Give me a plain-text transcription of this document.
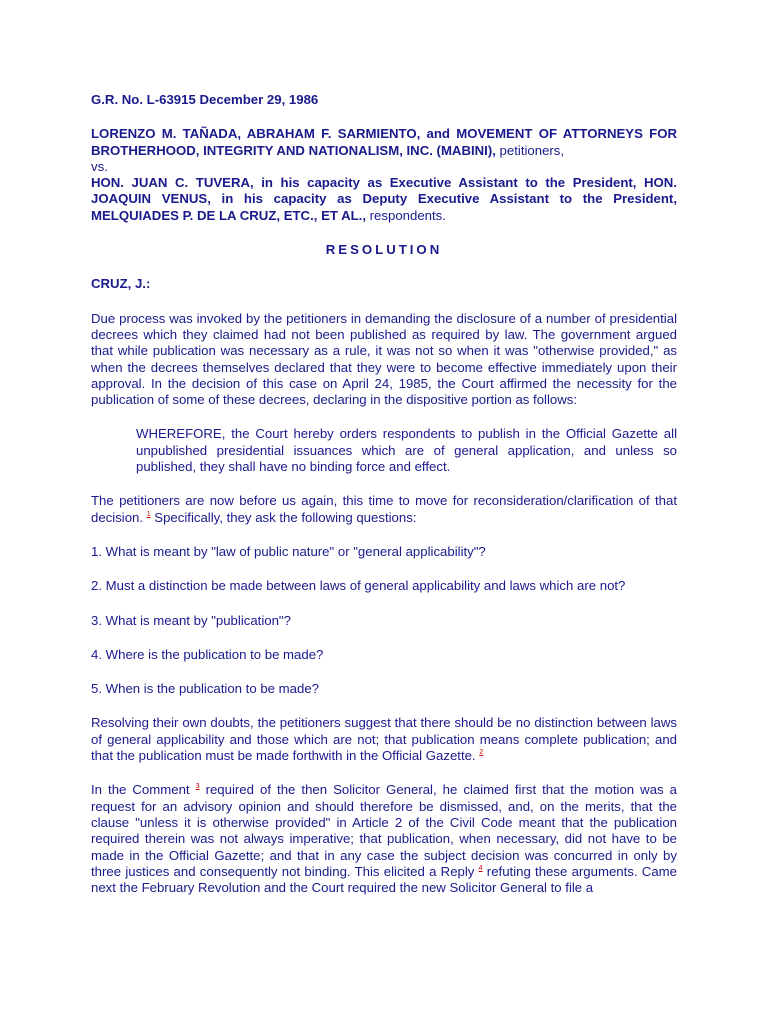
G.R. No. L-63915 December 29, 1986
LORENZO M. TAÑADA, ABRAHAM F. SARMIENTO, and MOVEMENT OF ATTORNEYS FOR BROTHERHOOD, INTEGRITY AND NATIONALISM, INC. (MABINI), petitioners,
vs.
HON. JUAN C. TUVERA, in his capacity as Executive Assistant to the President, HON. JOAQUIN VENUS, in his capacity as Deputy Executive Assistant to the President, MELQUIADES P. DE LA CRUZ, ETC., ET AL., respondents.
RESOLUTION
CRUZ, J.:

Due process was invoked by the petitioners in demanding the disclosure of a number of presidential decrees which they claimed had not been published as required by law. The government argued that while publication was necessary as a rule, it was not so when it was "otherwise provided," as when the decrees themselves declared that they were to become effective immediately upon their approval. In the decision of this case on April 24, 1985, the Court affirmed the necessity for the publication of some of these decrees, declaring in the dispositive portion as follows:

WHEREFORE, the Court hereby orders respondents to publish in the Official Gazette all unpublished presidential issuances which are of general application, and unless so published, they shall have no binding force and effect.

The petitioners are now before us again, this time to move for reconsideration/clarification of that decision. $^1$ Specifically, they ask the following questions:

1. What is meant by "law of public nature" or "general applicability"?
2. Must a distinction be made between laws of general applicability and laws which are not?
3. What is meant by "publication"?
4. Where is the publication to be made?
5. When is the publication to be made?

Resolving their own doubts, the petitioners suggest that there should be no distinction between laws of general applicability and those which are not; that publication means complete publication; and that the publication must be made forthwith in the Official Gazette. $^2$

In the Comment $^3$ required of the then Solicitor General, he claimed first that the motion was a request for an advisory opinion and should therefore be dismissed, and, on the merits, that the clause "unless it is otherwise provided" in Article 2 of the Civil Code meant that the publication required therein was not always imperative; that publication, when necessary, did not have to be made in the Official Gazette; and that in any case the subject decision was concurred in only by three justices and consequently not binding. This elicited a Reply $^4$ refuting these arguments. Came next the February Revolution and the Court required the new Solicitor General to file a
